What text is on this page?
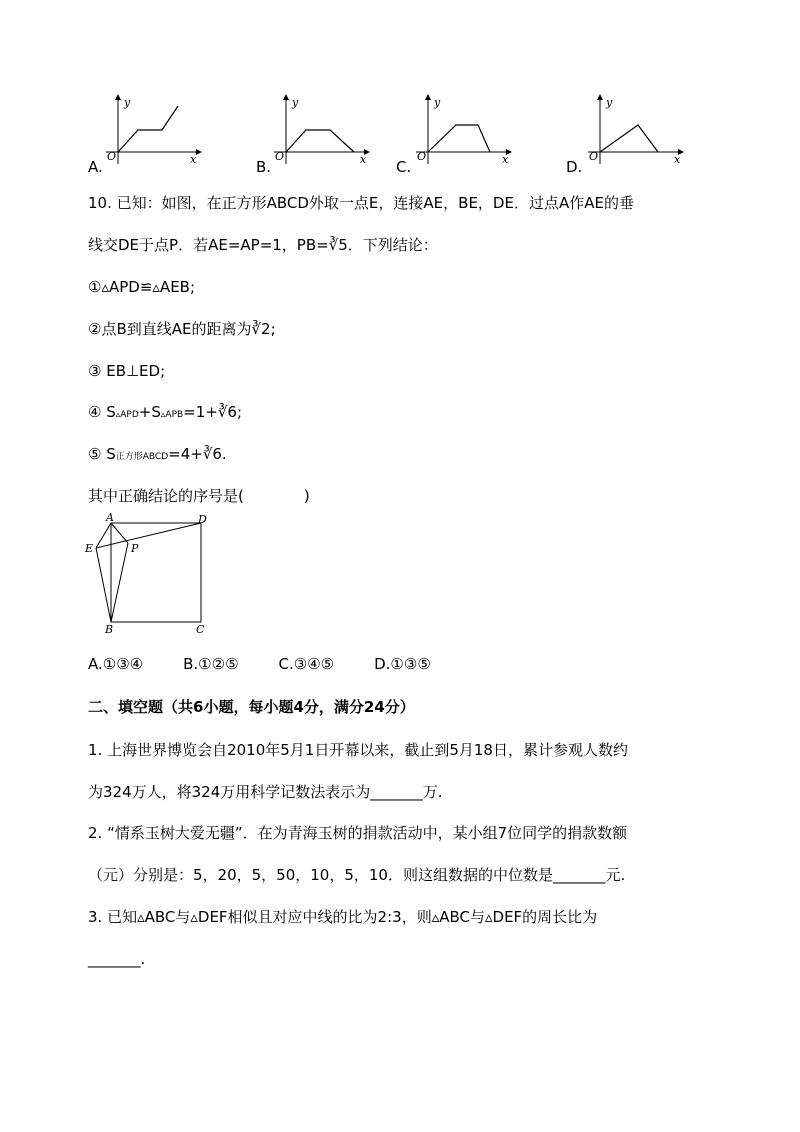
A.
y
x
O
B.
y
x
O
C.
y
x
O
D.
y
x
O
10. 已知：如图，在正方形ABCD外取一点E，连接AE，BE，DE．过点A作AE的垂
线交DE于点P．若AE=AP=1，PB=∛5．下列结论：
①▵APD≌▵AEB;
②点B到直线AE的距离为∛2;
③ EB⊥ED;
④ S▵APD+S▵APB=1+∛6;
⑤ S正方形ABCD=4+∛6.
其中正确结论的序号是(　　　　)
A	D
E	P
B	C
A.①③④	B.①②⑤	C.③④⑤	D.①③⑤
二、填空题（共6小题，每小题4分，满分24分）
1. 上海世界博览会自2010年5月1日开幕以来，截止到5月18日，累计参观人数约
为324万人，将324万用科学记数法表示为_______万.
2. “情系玉树大爱无疆”．在为青海玉树的捐款活动中，某小组7位同学的捐款数额
（元）分别是：5，20，5，50，10，5，10．则这组数据的中位数是_______元.
3. 已知▵ABC与▵DEF相似且对应中线的比为2:3，则▵ABC与▵DEF的周长比为
_______.
